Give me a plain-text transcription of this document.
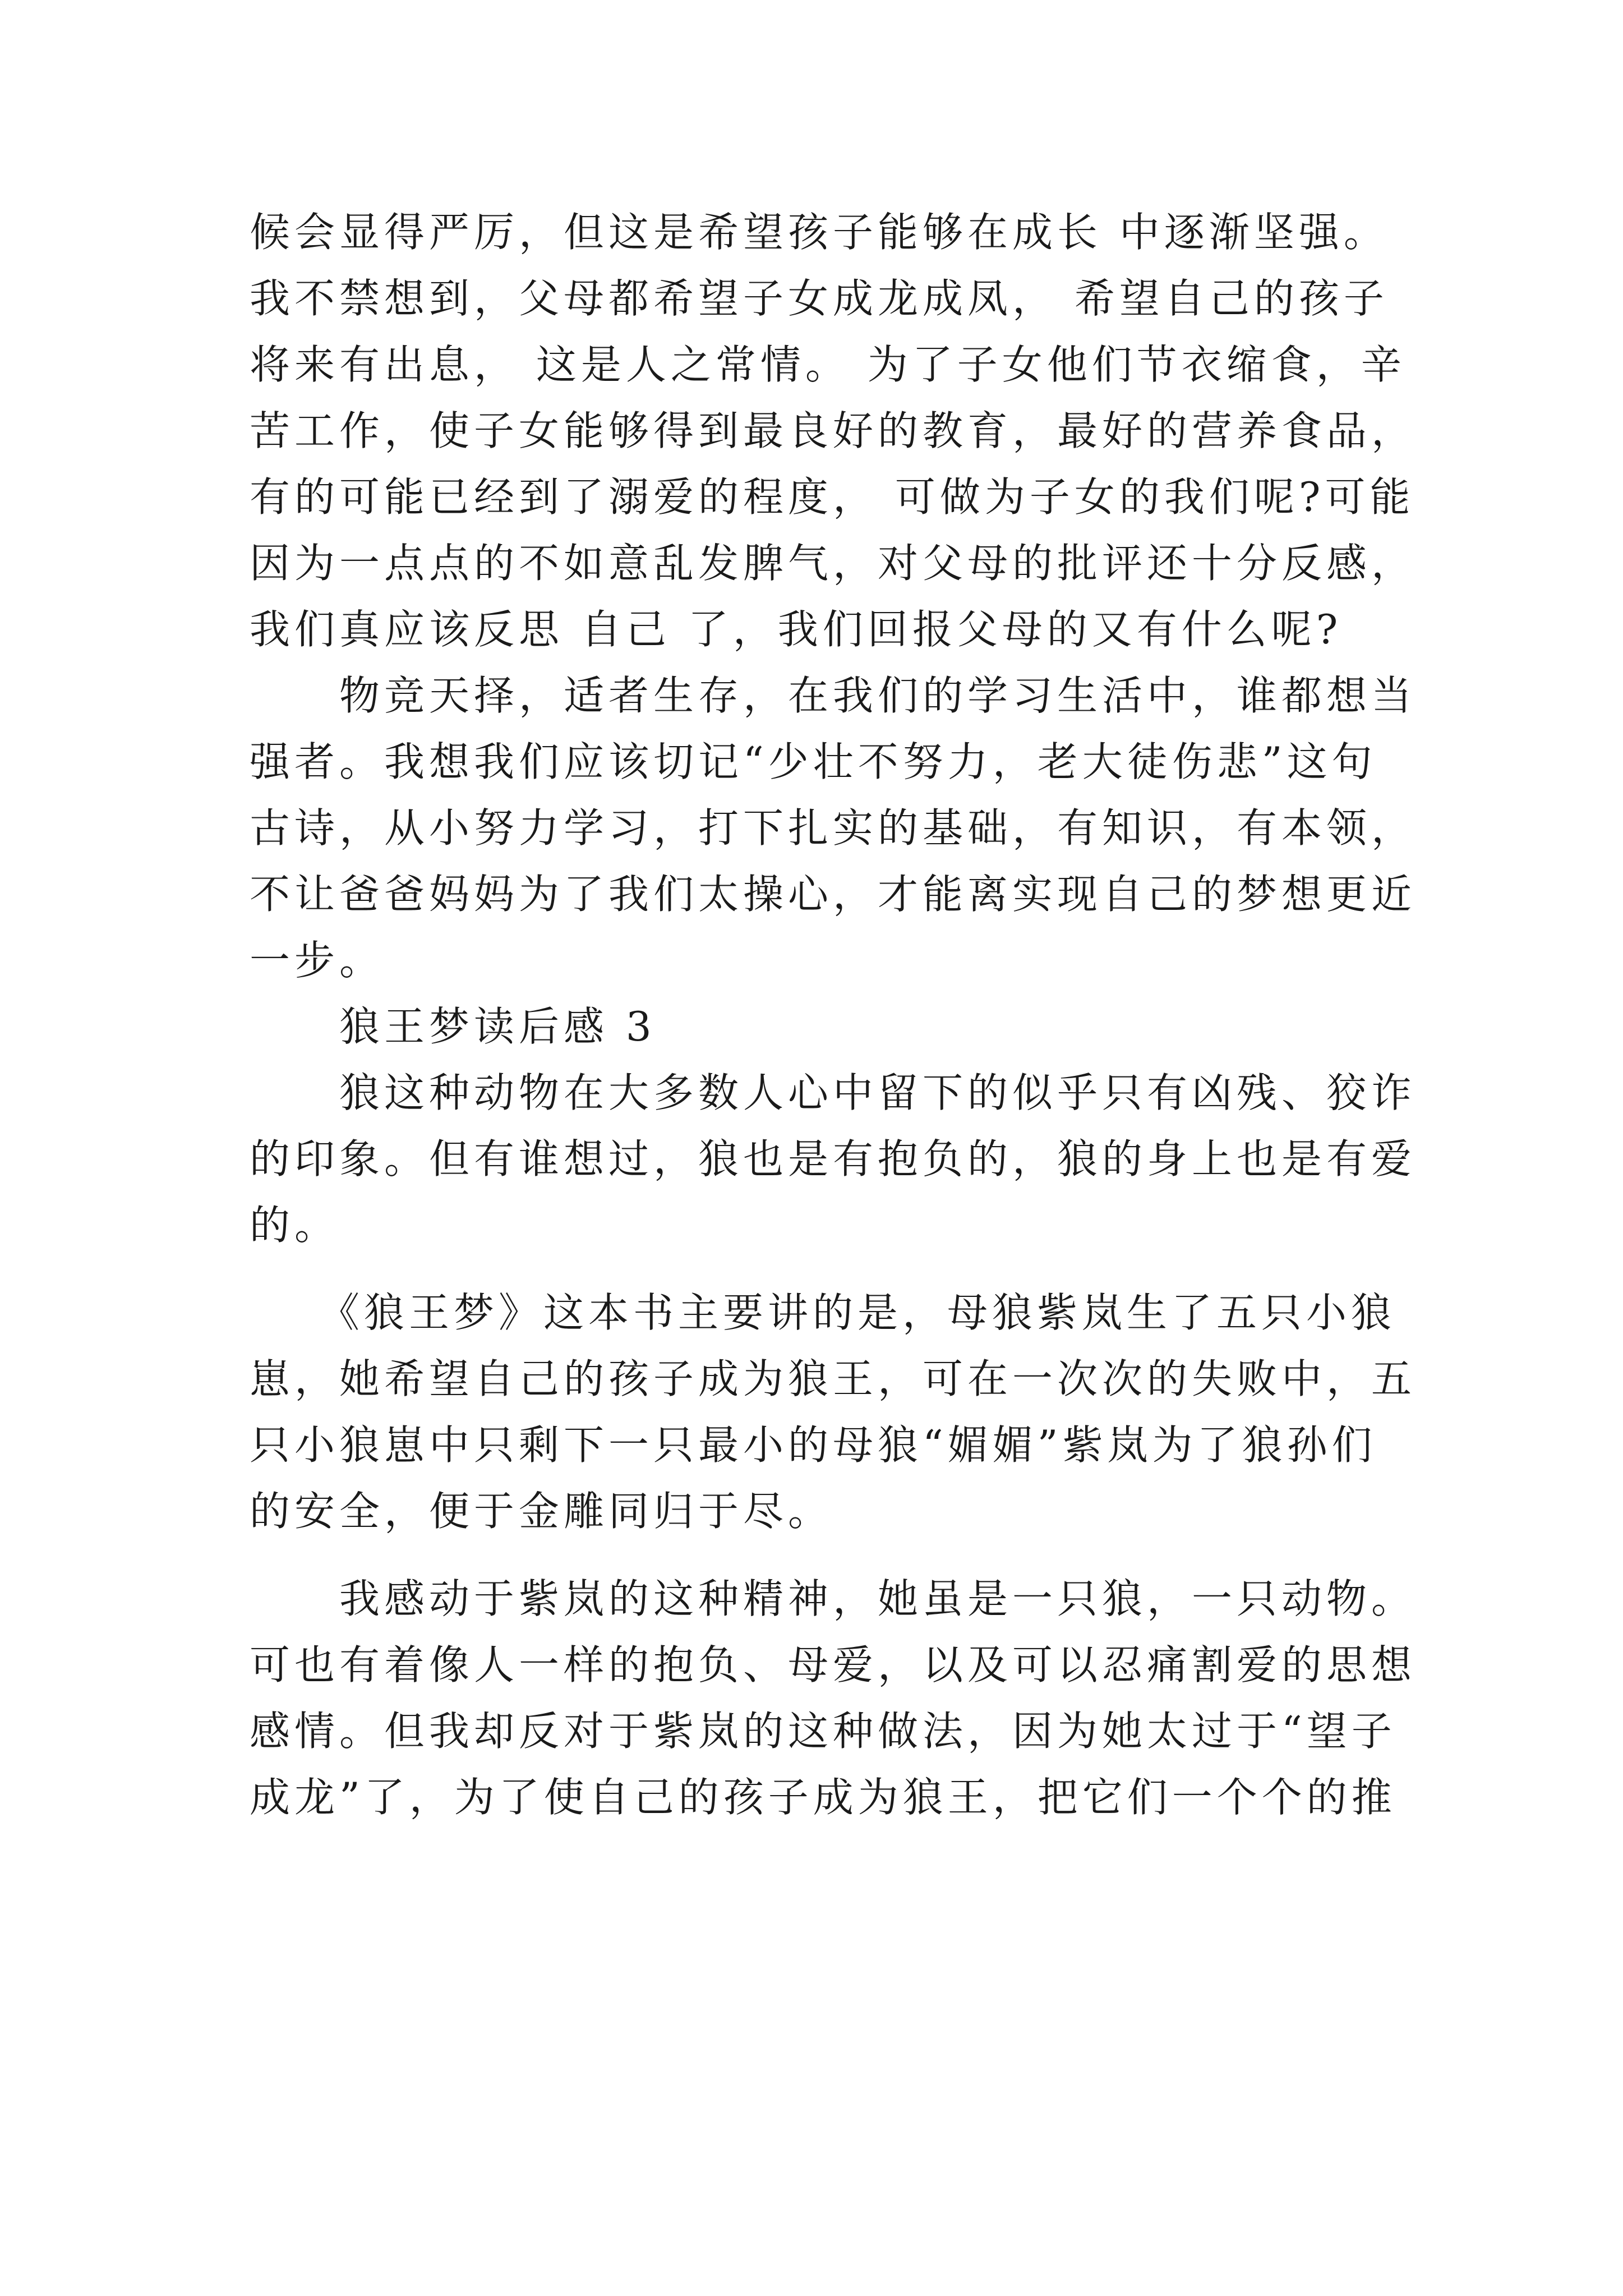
候会显得严厉，但这是希望孩子能够在成长 中逐渐坚强。
我不禁想到，父母都希望子女成龙成凤， 希望自己的孩子
将来有出息， 这是人之常情。 为了子女他们节衣缩食，辛
苦工作，使子女能够得到最良好的教育，最好的营养食品，
有的可能已经到了溺爱的程度， 可做为子女的我们呢?可能
因为一点点的不如意乱发脾气，对父母的批评还十分反感，
我们真应该反思 自己 了，我们回报父母的又有什么呢?
　　物竞天择，适者生存，在我们的学习生活中，谁都想当
强者。我想我们应该切记“少壮不努力，老大徒伤悲”这句
古诗，从小努力学习，打下扎实的基础，有知识，有本领，
不让爸爸妈妈为了我们太操心，才能离实现自己的梦想更近
一步。
　　狼王梦读后感 3
　　狼这种动物在大多数人心中留下的似乎只有凶残、狡诈
的印象。但有谁想过，狼也是有抱负的，狼的身上也是有爱
的。
　　《狼王梦》这本书主要讲的是，母狼紫岚生了五只小狼
崽，她希望自己的孩子成为狼王，可在一次次的失败中，五
只小狼崽中只剩下一只最小的母狼“媚媚”紫岚为了狼孙们
的安全，便于金雕同归于尽。
　　我感动于紫岚的这种精神，她虽是一只狼，一只动物。
可也有着像人一样的抱负、母爱，以及可以忍痛割爱的思想
感情。但我却反对于紫岚的这种做法，因为她太过于“望子
成龙”了，为了使自己的孩子成为狼王，把它们一个个的推
